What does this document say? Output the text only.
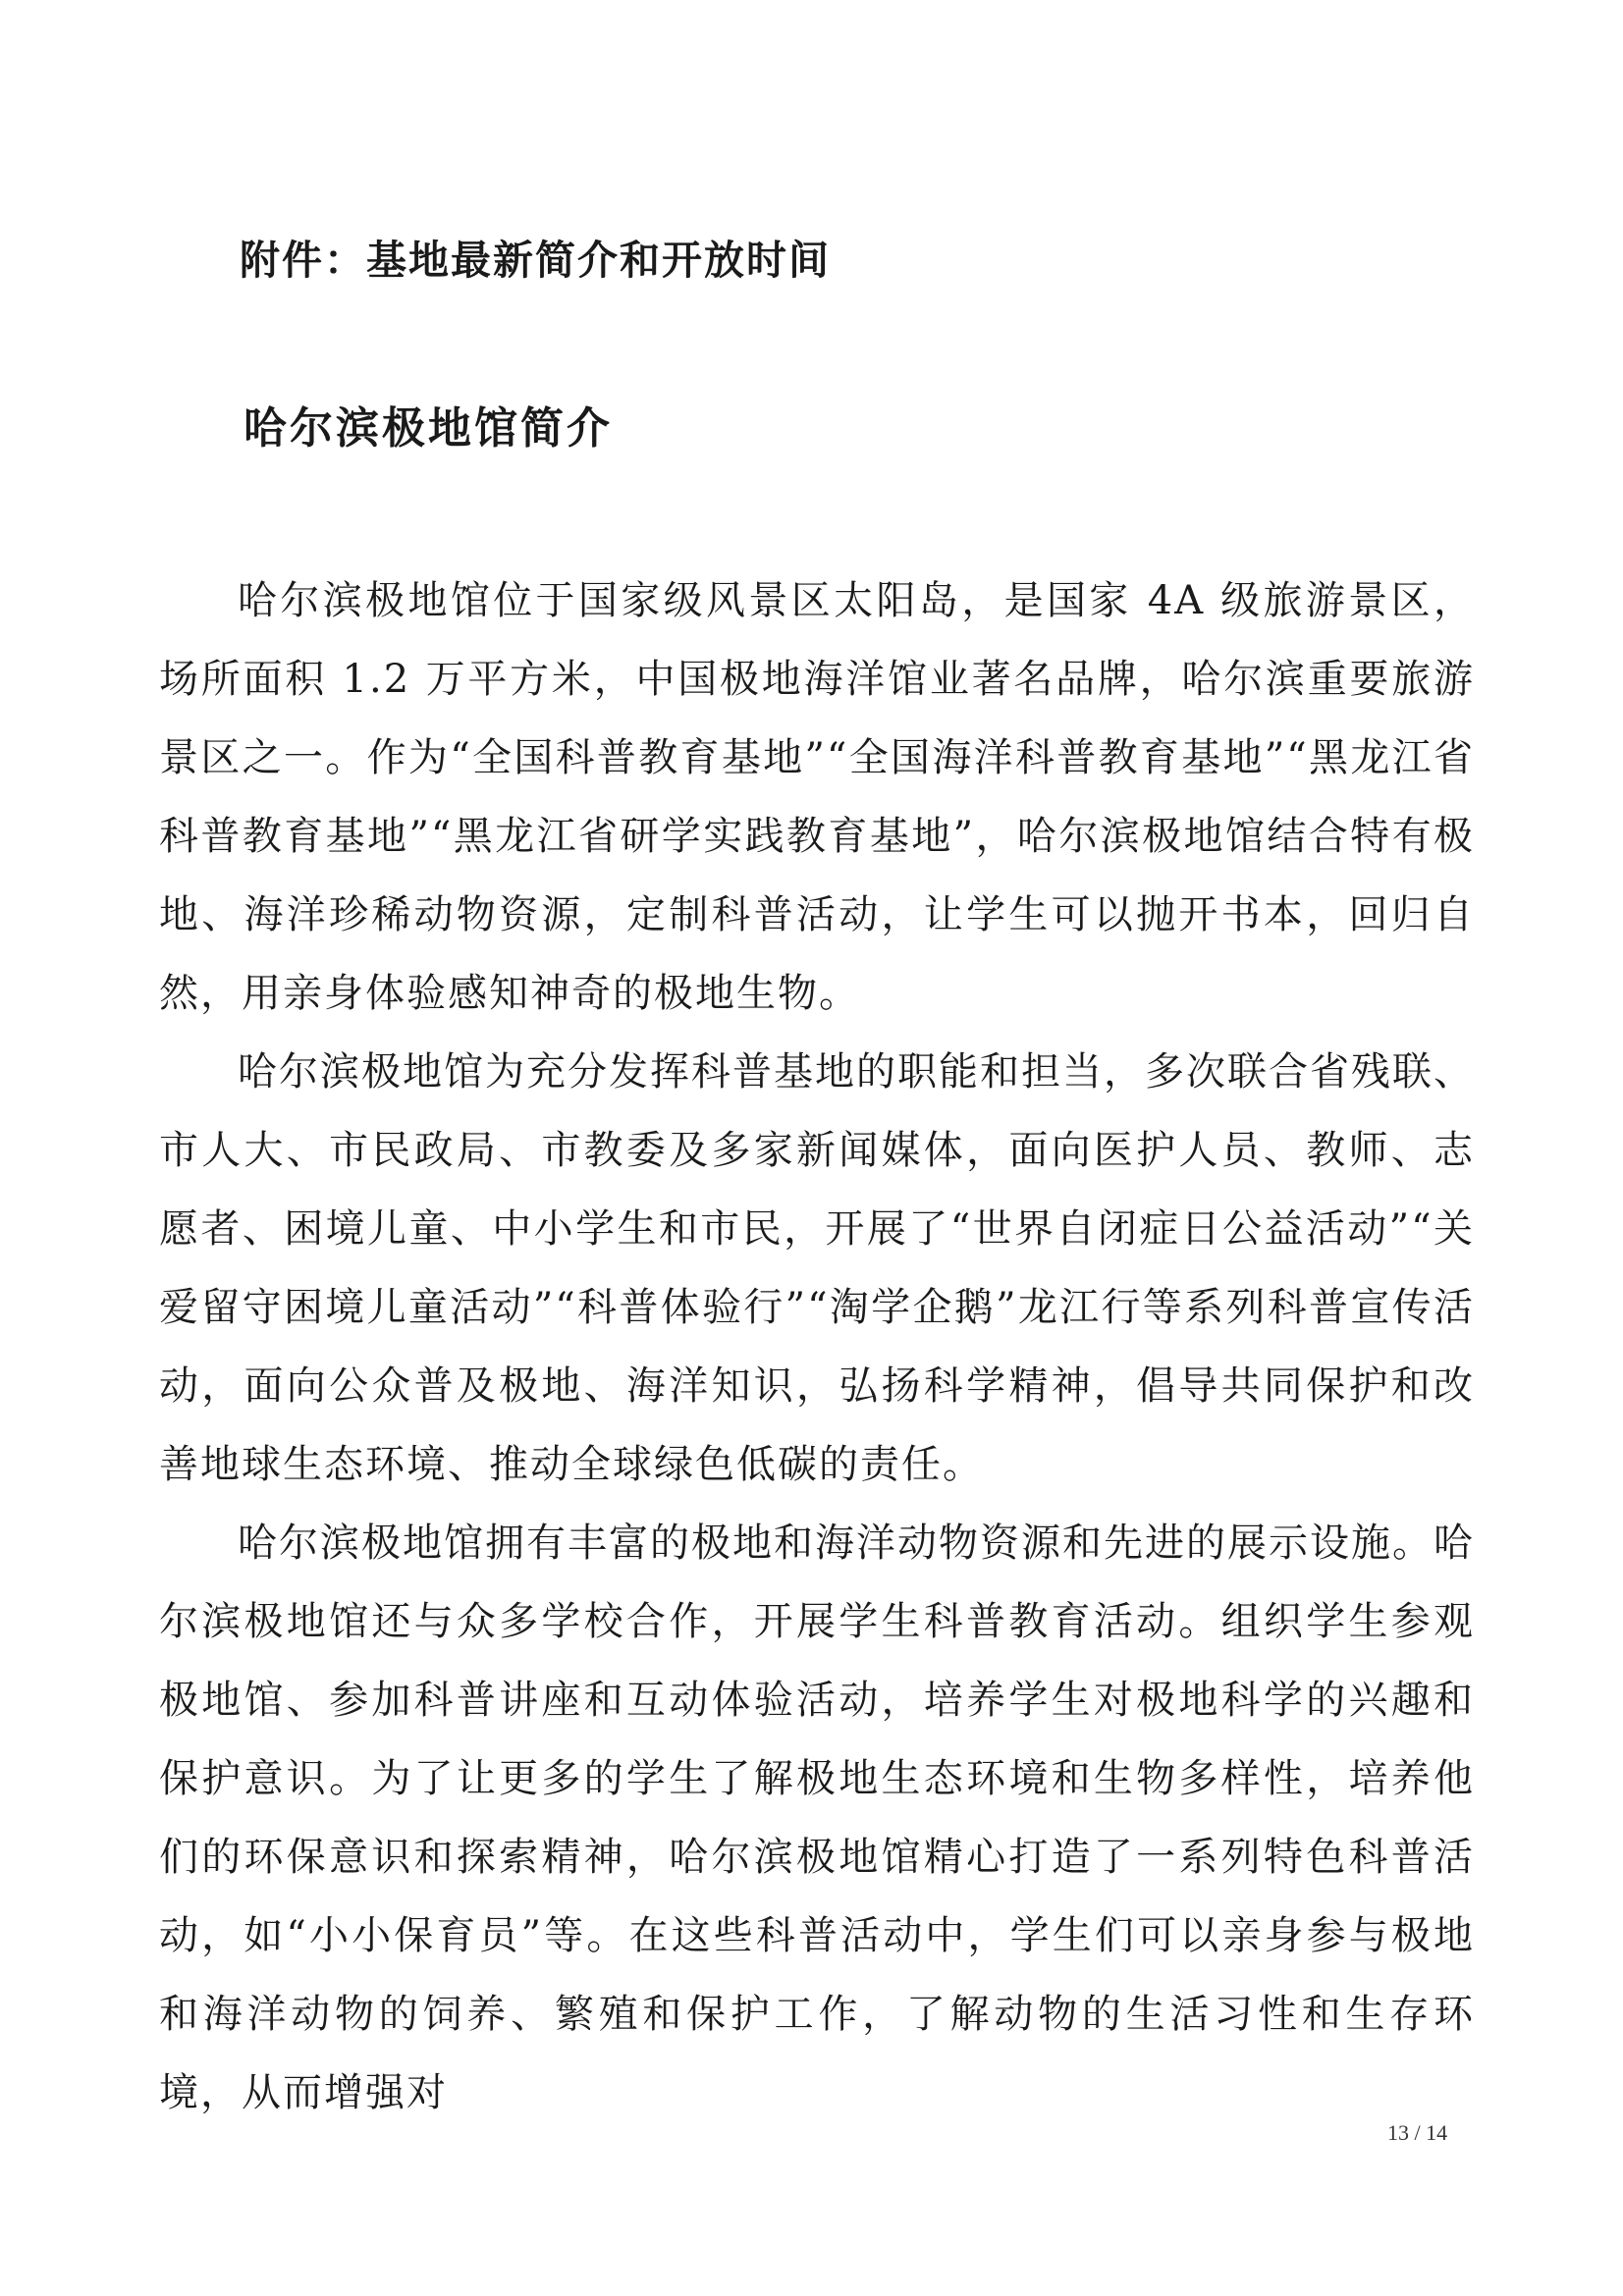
附件：基地最新简介和开放时间
哈尔滨极地馆简介

哈尔滨极地馆位于国家级风景区太阳岛，是国家 4A 级旅游景区，场所面积 1.2 万平方米，中国极地海洋馆业著名品牌，哈尔滨重要旅游景区之一。作为“全国科普教育基地”“全国海洋科普教育基地”“黑龙江省科普教育基地”“黑龙江省研学实践教育基地”，哈尔滨极地馆结合特有极地、海洋珍稀动物资源，定制科普活动，让学生可以抛开书本，回归自然，用亲身体验感知神奇的极地生物。

哈尔滨极地馆为充分发挥科普基地的职能和担当，多次联合省残联、市人大、市民政局、市教委及多家新闻媒体，面向医护人员、教师、志愿者、困境儿童、中小学生和市民，开展了“世界自闭症日公益活动”“关爱留守困境儿童活动”“科普体验行”“淘学企鹅”龙江行等系列科普宣传活动，面向公众普及极地、海洋知识，弘扬科学精神，倡导共同保护和改善地球生态环境、推动全球绿色低碳的责任。

哈尔滨极地馆拥有丰富的极地和海洋动物资源和先进的展示设施。哈尔滨极地馆还与众多学校合作，开展学生科普教育活动。组织学生参观极地馆、参加科普讲座和互动体验活动，培养学生对极地科学的兴趣和保护意识。为了让更多的学生了解极地生态环境和生物多样性，培养他们的环保意识和探索精神，哈尔滨极地馆精心打造了一系列特色科普活动，如“小小保育员”等。在这些科普活动中，学生们可以亲身参与极地和海洋动物的饲养、繁殖和保护工作，了解动物的生活习性和生存环境，从而增强对

13 / 14
